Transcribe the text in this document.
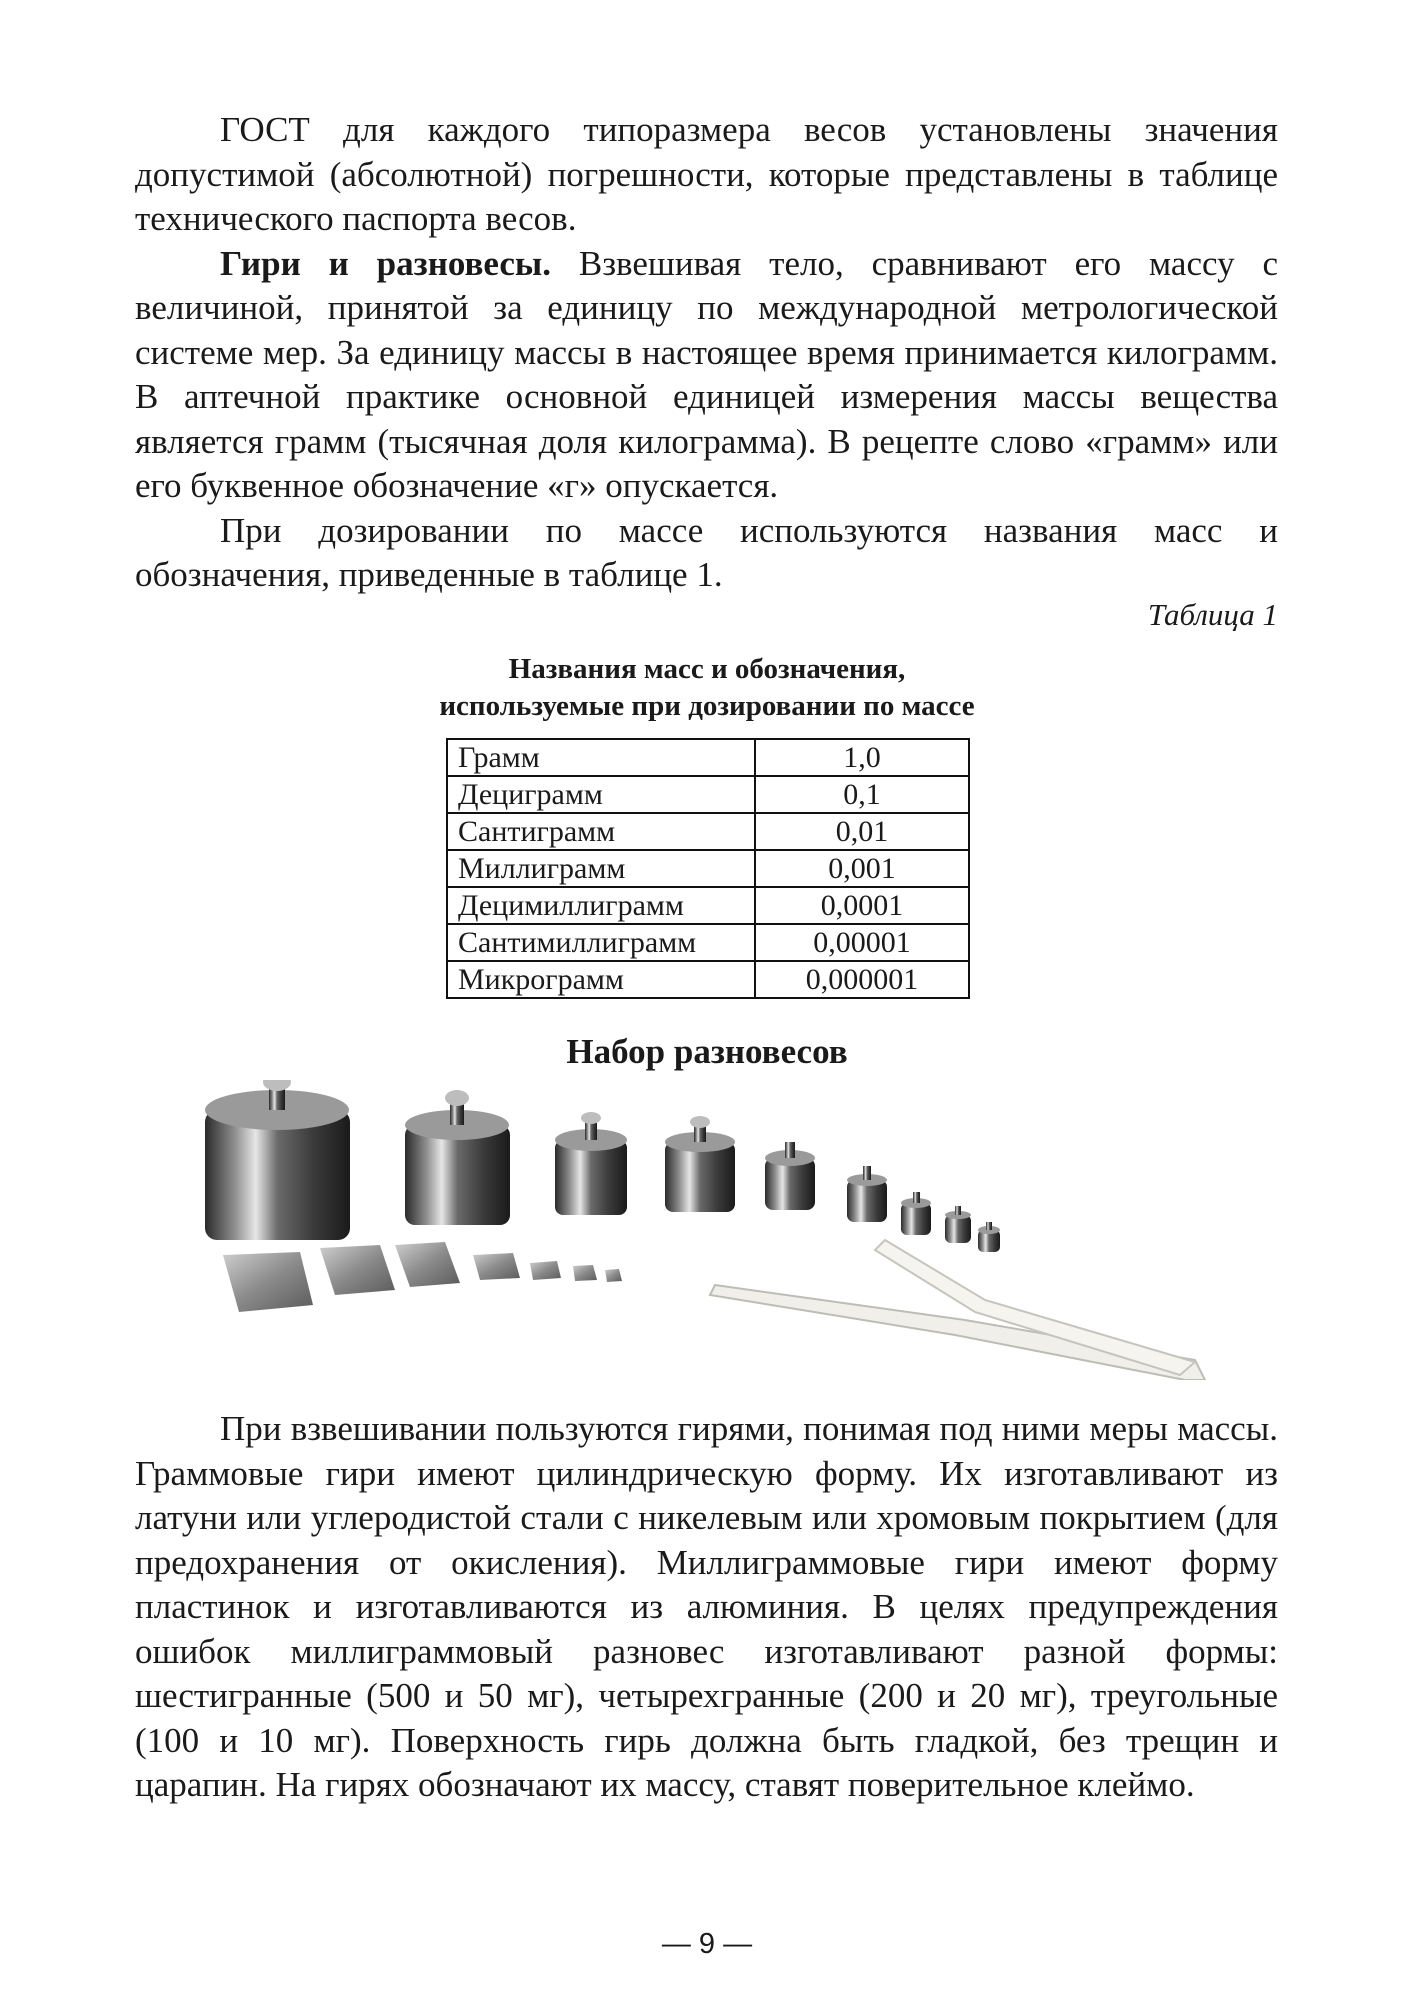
ГОСТ для каждого типоразмера весов установлены значения допустимой (абсолютной) погрешности, которые представлены в таблице технического паспорта весов.

Гири и разновесы. Взвешивая тело, сравнивают его массу с величиной, принятой за единицу по международной метрологической системе мер. За единицу массы в настоящее время принимается килограмм. В аптечной практике основной единицей измерения массы вещества является грамм (тысячная доля килограмма). В рецепте слово «грамм» или его буквенное обозначение «г» опускается.

При дозировании по массе используются названия масс и обозначения, приведенные в таблице 1.

Таблица 1
Названия масс и обозначения,
используемые при дозировании по массе
Грамм	1,0
Дециграмм	0,1
Сантиграмм	0,01
Миллиграмм	0,001
Децимиллиграмм	0,0001
Сантимиллиграмм	0,00001
Микрограмм	0,000001
Набор разновесов

При взвешивании пользуются гирями, понимая под ними меры массы. Граммовые гири имеют цилиндрическую форму. Их изготавливают из латуни или углеродистой стали с никелевым или хромовым покрытием (для предохранения от окисления). Миллиграммовые гири имеют форму пластинок и изготавливаются из алюминия. В целях предупреждения ошибок миллиграммовый разновес изготавливают разной формы: шестигранные (500 и 50 мг), четырехгранные (200 и 20 мг), треугольные (100 и 10 мг). Поверхность гирь должна быть гладкой, без трещин и царапин. На гирях обозначают их массу, ставят поверительное клеймо.

— 9 —
